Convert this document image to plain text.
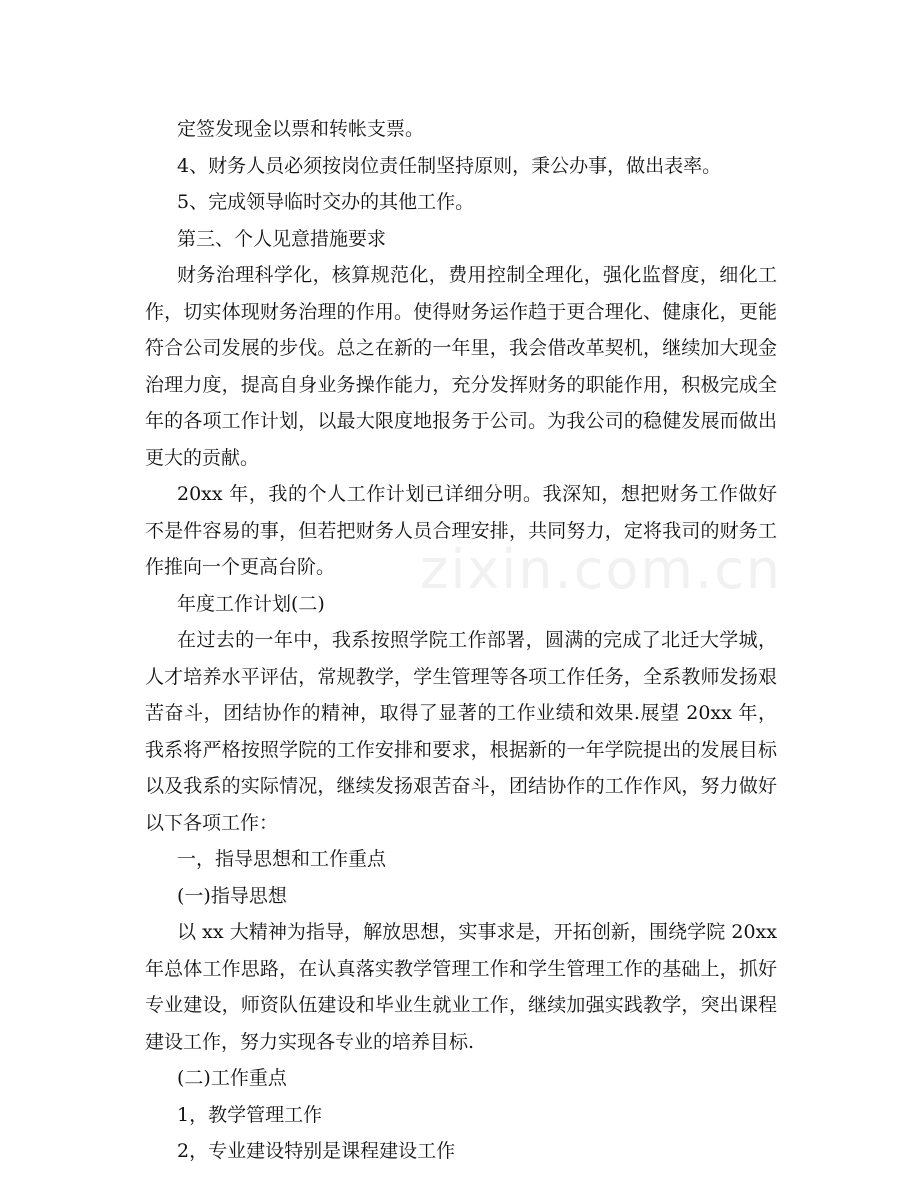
zixin.com.cn

定签发现金以票和转帐支票。

4、财务人员必须按岗位责任制坚持原则，秉公办事，做出表率。

5、完成领导临时交办的其他工作。

第三、个人见意措施要求

财务治理科学化，核算规范化，费用控制全理化，强化监督度，细化工作，切实体现财务治理的作用。使得财务运作趋于更合理化、健康化，更能符合公司发展的步伐。总之在新的一年里，我会借改革契机，继续加大现金治理力度，提高自身业务操作能力，充分发挥财务的职能作用，积极完成全年的各项工作计划，以最大限度地报务于公司。为我公司的稳健发展而做出更大的贡献。

20xx 年，我的个人工作计划已详细分明。我深知，想把财务工作做好不是件容易的事，但若把财务人员合理安排，共同努力，定将我司的财务工作推向一个更高台阶。

年度工作计划(二)

在过去的一年中，我系按照学院工作部署，圆满的完成了北迁大学城，人才培养水平评估，常规教学，学生管理等各项工作任务，全系教师发扬艰苦奋斗，团结协作的精神，取得了显著的工作业绩和效果.展望 20xx 年，我系将严格按照学院的工作安排和要求，根据新的一年学院提出的发展目标以及我系的实际情况，继续发扬艰苦奋斗，团结协作的工作作风，努力做好以下各项工作：

一，指导思想和工作重点

(一)指导思想

以 xx 大精神为指导，解放思想，实事求是，开拓创新，围绕学院 20xx 年总体工作思路，在认真落实教学管理工作和学生管理工作的基础上，抓好专业建设，师资队伍建设和毕业生就业工作，继续加强实践教学，突出课程建设工作，努力实现各专业的培养目标.

(二)工作重点

1，教学管理工作

2，专业建设特别是课程建设工作
